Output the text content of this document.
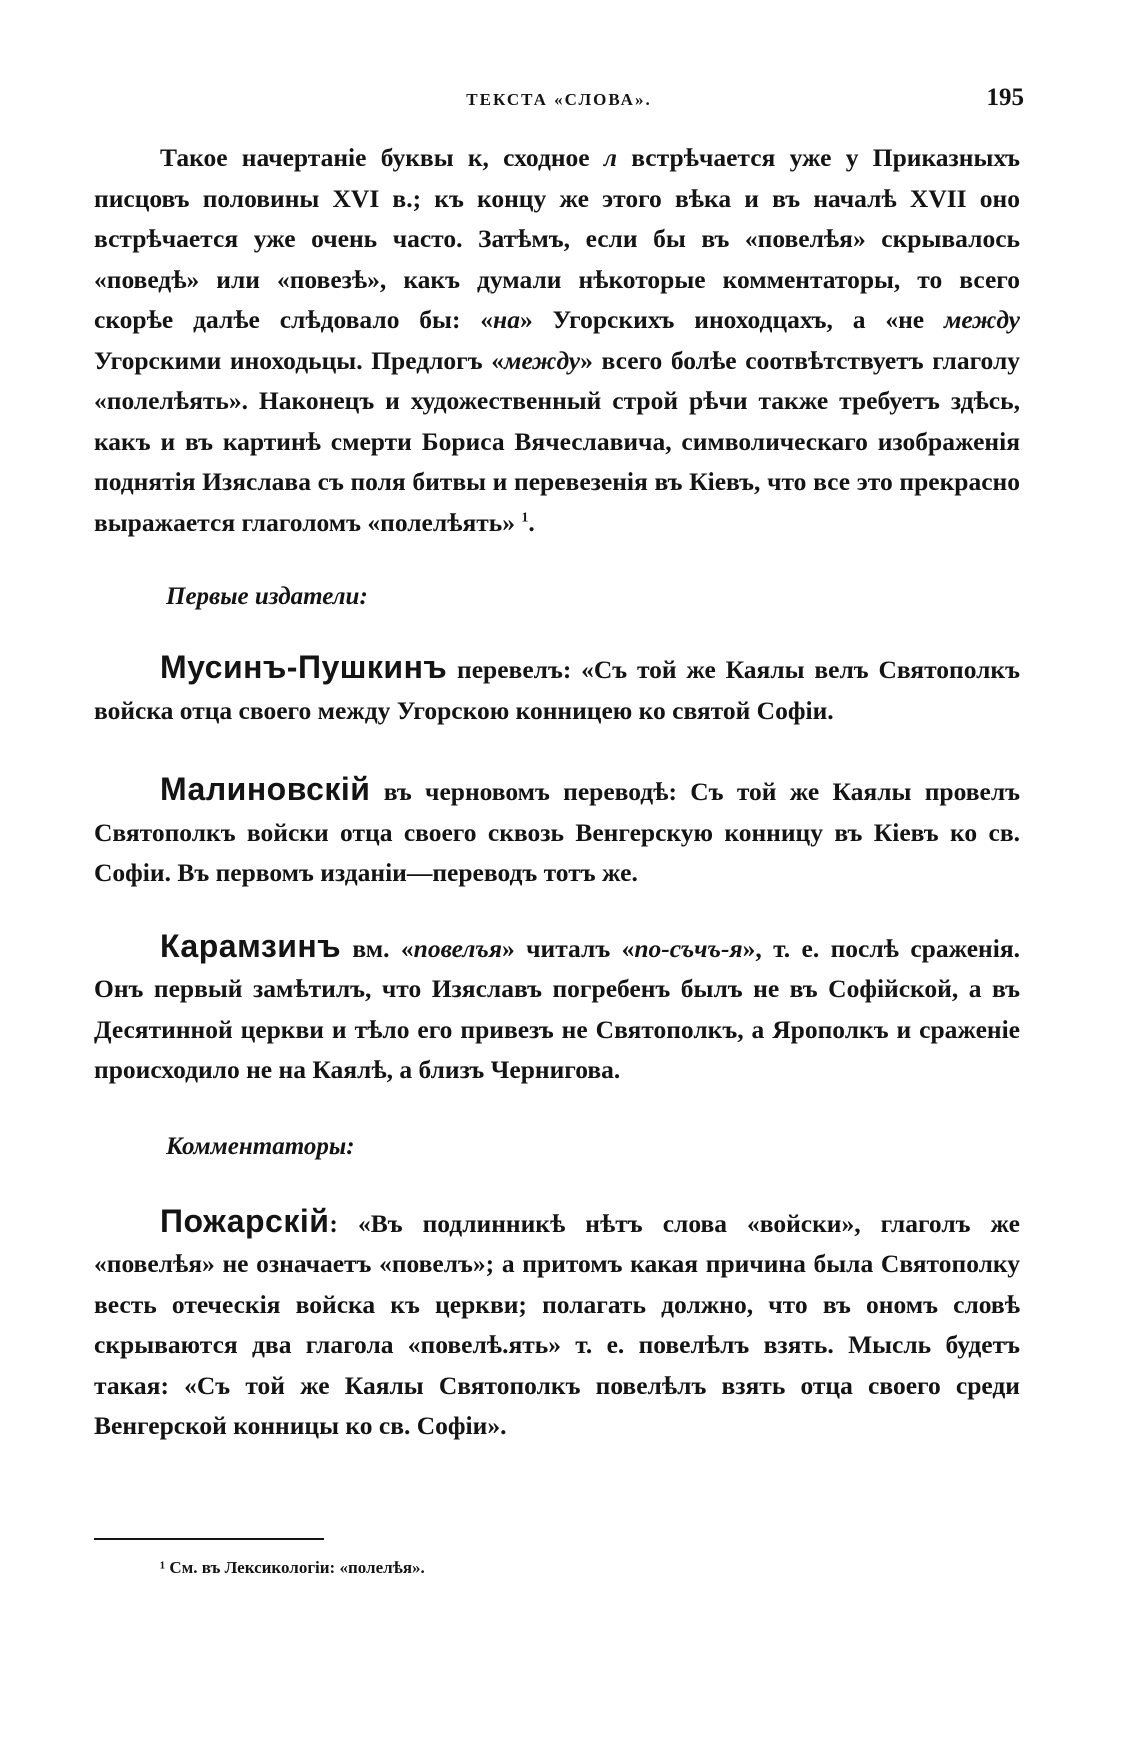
ТЕКСТА «СЛОВА».	195

Такое начертаніе буквы к, сходное л встрѣчается уже у Приказныхъ писцовъ половины XVI в.; къ концу же этого вѣка и въ началѣ XVII оно встрѣчается уже очень часто. Затѣмъ, если бы въ «повелѣя» скрывалось «поведѣ» или «повезѣ», какъ думали нѣкоторые комментаторы, то всего скорѣе далѣе слѣдовало бы: «на» Угорскихъ иноходцахъ, а «не между Угорскими иноходьцы. Предлогъ «между» всего болѣе соотвѣтствуетъ глаголу «полелѣять». Наконецъ и художественный строй рѣчи также требуетъ здѣсь, какъ и въ картинѣ смерти Бориса Вячеславича, символическаго изображенія поднятія Изяслава съ поля битвы и перевезенія въ Кіевъ, что все это прекрасно выражается глаголомъ «полелѣять» $^1$.

Первые издатели:

Мусинъ-Пушкинъ перевелъ: «Съ той же Каялы велъ Святополкъ войска отца своего между Угорскою конницею ко святой Софіи.

Малиновскій въ черновомъ переводѣ: Съ той же Каялы провелъ Святополкъ войски отца своего сквозь Венгерскую конницу въ Кіевъ ко св. Софіи. Въ первомъ изданіи—переводъ тотъ же.

Карамзинъ вм. «повелъя» читалъ «по-съчъ-я», т. е. послѣ сраженія. Онъ первый замѣтилъ, что Изяславъ погребенъ былъ не въ Софійской, а въ Десятинной церкви и тѣло его привезъ не Святополкъ, а Ярополкъ и сраженіе происходило не на Каялѣ, а близъ Чернигова.

Комментаторы:

Пожарскій: «Въ подлинникѣ нѣтъ слова «войски», глаголъ же «повелѣя» не означаетъ «повелъ»; а притомъ какая причина была Святополку весть отеческія войска къ церкви; полагать должно, что въ ономъ словѣ скрываются два глагола «повелѣ.ять» т. е. повелѣлъ взять. Мысль будетъ такая: «Съ той же Каялы Святополкъ повелѣлъ взять отца своего среди Венгерской конницы ко св. Софіи».

¹ См. въ Лексикологіи: «полелѣя».
